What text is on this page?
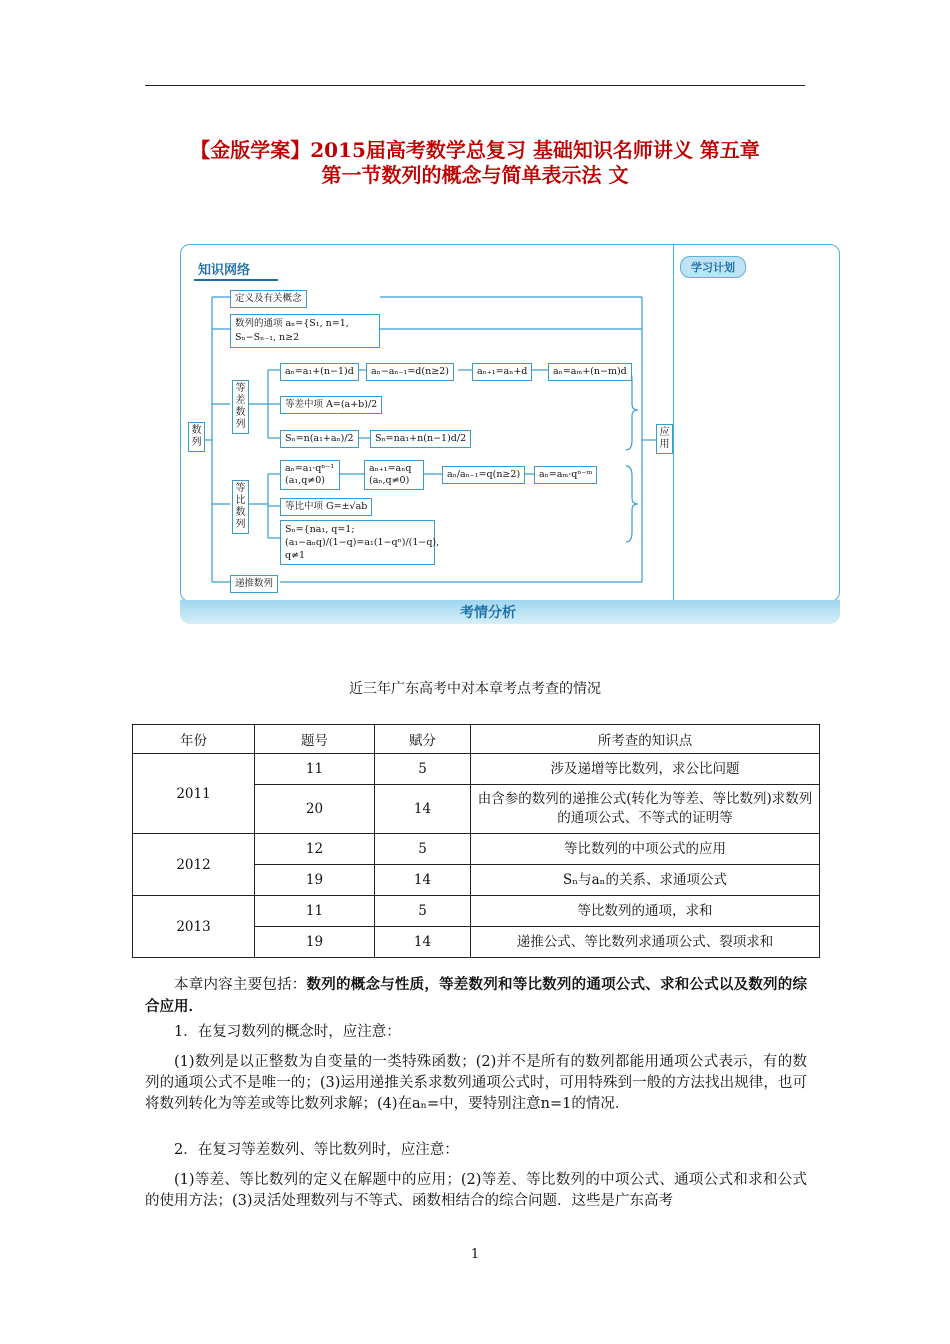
【金版学案】2015届高考数学总复习 基础知识名师讲义 第五章
第一节数列的概念与简单表示法 文
知识网络	学习计划
考情分析
数列
定义及有关概念
数列的通项 aₙ={S₁, n=1, Sₙ−Sₙ₋₁, n≥2
等差数列
等比数列
递推数列
应用
aₙ=a₁+(n−1)d	aₙ−aₙ₋₁=d(n≥2)	aₙ₊₁=aₙ+d	aₙ=aₘ+(n−m)d
等差中项 A=(a+b)/2
Sₙ=n(a₁+aₙ)/2	Sₙ=na₁+n(n−1)d/2
aₙ=a₁·qⁿ⁻¹ (a₁,q≠0)
aₙ₊₁=aₙq (aₙ,q≠0)
aₙ/aₙ₋₁=q(n≥2)	aₙ=aₘ·qⁿ⁻ᵐ
等比中项 G=±√ab
Sₙ={na₁, q=1; (a₁−aₙq)/(1−q)=a₁(1−qⁿ)/(1−q), q≠1
近三年广东高考中对本章考点考查的情况
年份	题号	赋分	所考查的知识点
2011	11	5	涉及递增等比数列，求公比问题
	20	14	由含参的数列的递推公式(转化为等差、等比数列)求数列的通项公式、不等式的证明等
2012	12	5	等比数列的中项公式的应用
	19	14	Sₙ与aₙ的关系、求通项公式
2013	11	5	等比数列的通项，求和
	19	14	递推公式、等比数列求通项公式、裂项求和
本章内容主要包括：数列的概念与性质，等差数列和等比数列的通项公式、求和公式以及数列的综合应用．
1．在复习数列的概念时，应注意：
(1)数列是以正整数为自变量的一类特殊函数；(2)并不是所有的数列都能用通项公式表示，有的数列的通项公式不是唯一的；(3)运用递推关系求数列通项公式时，可用特殊到一般的方法找出规律，也可将数列转化为等差或等比数列求解；(4)在aₙ=中，要特别注意n=1的情况．
2．在复习等差数列、等比数列时，应注意：
(1)等差、等比数列的定义在解题中的应用；(2)等差、等比数列的中项公式、通项公式和求和公式的使用方法；(3)灵活处理数列与不等式、函数相结合的综合问题．这些是广东高考
1
